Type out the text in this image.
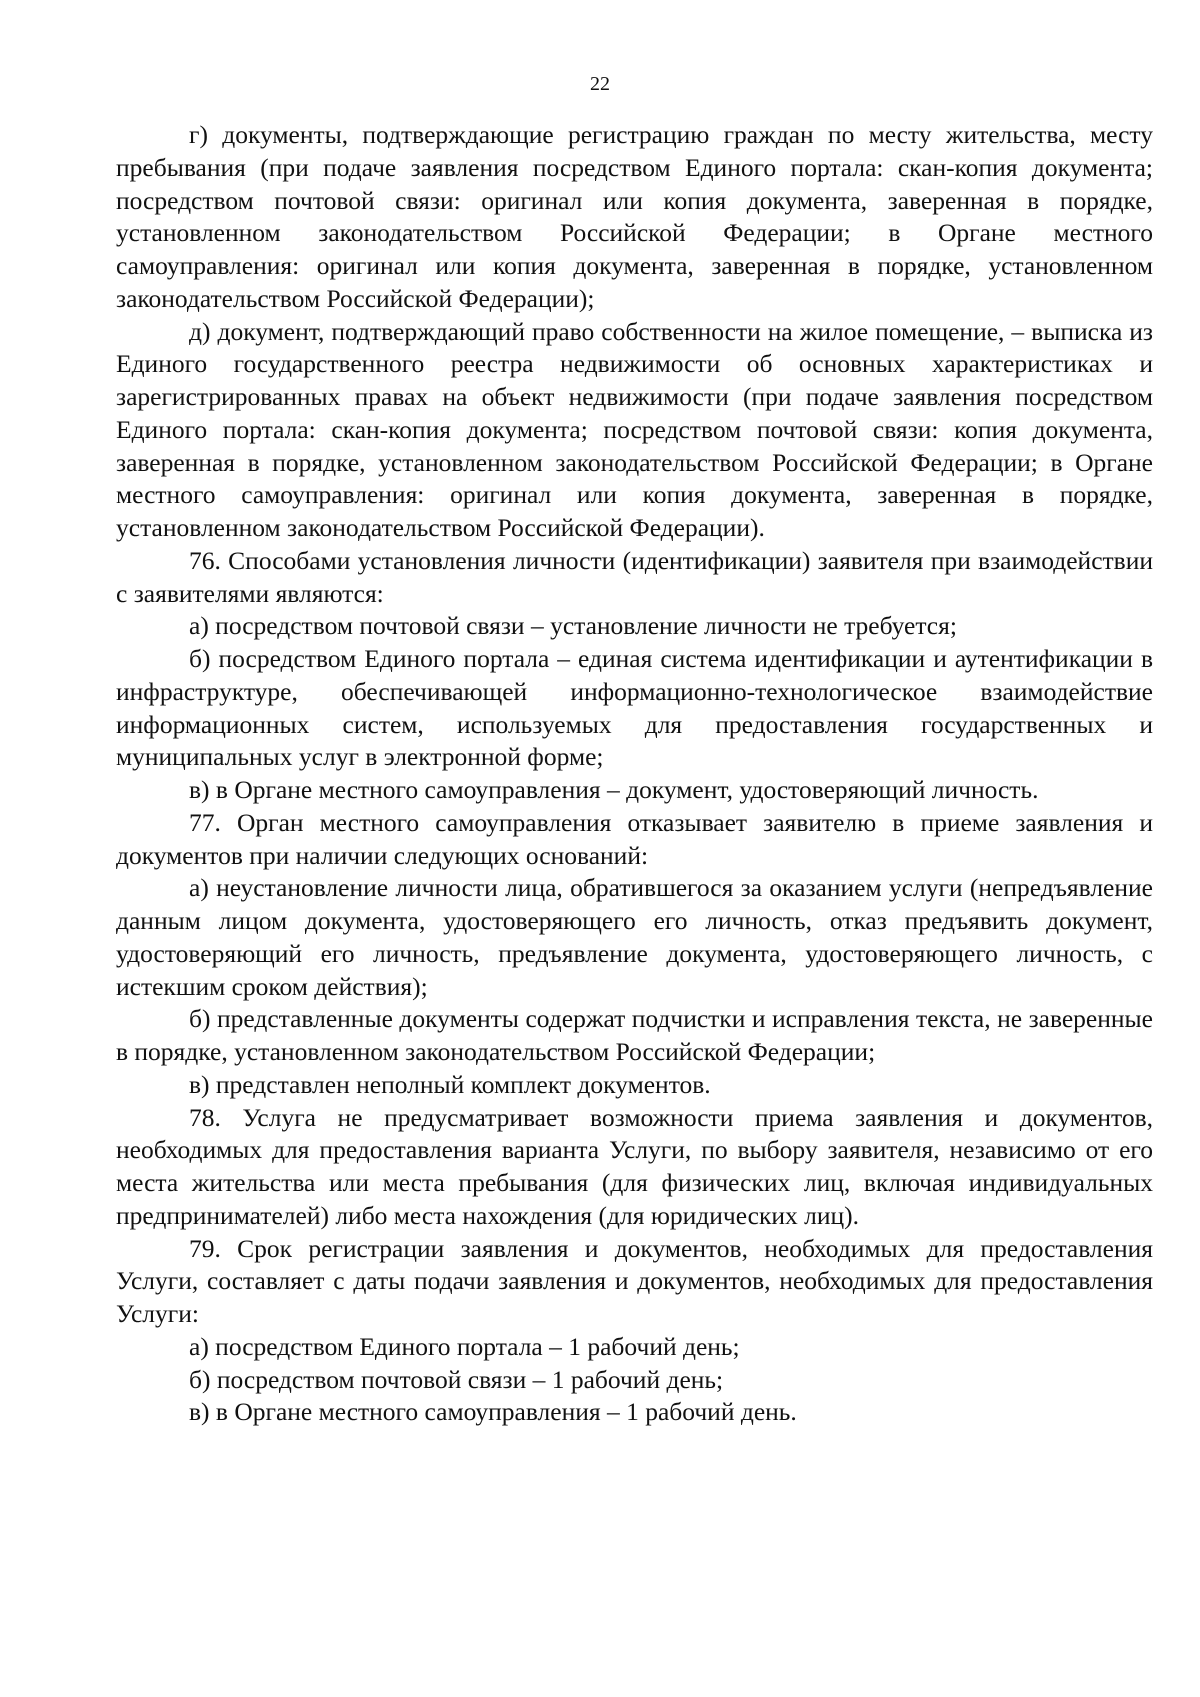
22

г) документы, подтверждающие регистрацию граждан по месту жительства, месту пребывания (при подаче заявления посредством Единого портала: скан-копия документа; посредством почтовой связи: оригинал или копия документа, заверенная в порядке, установленном законодательством Российской Федерации; в Органе местного самоуправления: оригинал или копия документа, заверенная в порядке, установленном законодательством Российской Федерации);

д) документ, подтверждающий право собственности на жилое помещение, – выписка из Единого государственного реестра недвижимости об основных характеристиках и зарегистрированных правах на объект недвижимости (при подаче заявления посредством Единого портала: скан-копия документа; посредством почтовой связи: копия документа, заверенная в порядке, установленном законодательством Российской Федерации; в Органе местного самоуправления: оригинал или копия документа, заверенная в порядке, установленном законодательством Российской Федерации).

76. Способами установления личности (идентификации) заявителя при взаимодействии с заявителями являются:

а) посредством почтовой связи – установление личности не требуется;

б) посредством Единого портала – единая система идентификации и аутентификации в инфраструктуре, обеспечивающей информационно-технологическое взаимодействие информационных систем, используемых для предоставления государственных и муниципальных услуг в электронной форме;

в) в Органе местного самоуправления – документ, удостоверяющий личность.

77. Орган местного самоуправления отказывает заявителю в приеме заявления и документов при наличии следующих оснований:

а) неустановление личности лица, обратившегося за оказанием услуги (непредъявление данным лицом документа, удостоверяющего его личность, отказ предъявить документ, удостоверяющий его личность, предъявление документа, удостоверяющего личность, с истекшим сроком действия);

б) представленные документы содержат подчистки и исправления текста, не заверенные в порядке, установленном законодательством Российской Федерации;

в) представлен неполный комплект документов.

78. Услуга не предусматривает возможности приема заявления и документов, необходимых для предоставления варианта Услуги, по выбору заявителя, независимо от его места жительства или места пребывания (для физических лиц, включая индивидуальных предпринимателей) либо места нахождения (для юридических лиц).

79. Срок регистрации заявления и документов, необходимых для предоставления Услуги, составляет с даты подачи заявления и документов, необходимых для предоставления Услуги:

а) посредством Единого портала – 1 рабочий день;

б) посредством почтовой связи – 1 рабочий день;

в) в Органе местного самоуправления – 1 рабочий день.
